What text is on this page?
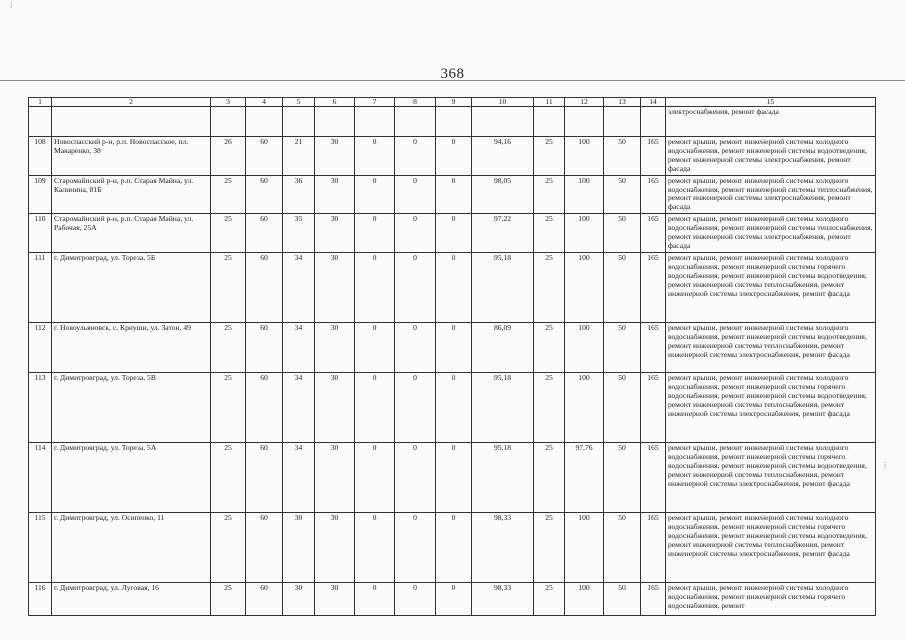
⁞
⁞
368
1	2	3	4	5	6	7	8	9	10	11	12	13	14	15
														электроснабжения, ремонт фасада
108	Новоспасский р-н, р.п. Новоспасское, пл. Макаренко, 38	26	60	21	30	0	0	0	94,16	25	100	50	165	ремонт крыши, ремонт инженерной системы холодного водоснабжения, ремонт инженерной системы водоотведения, ремонт инженерной системы электроснабжения, ремонт фасада
109	Старомайнский р-н, р.п. Старая Майна, ул. Калинина, 81Б	25	60	36	30	0	0	0	98,05	25	100	50	165	ремонт крыши, ремонт инженерной системы холодного водоснабжения, ремонт инженерной системы теплоснабжения, ремонт инженерной системы электроснабжения, ремонт фасада
110	Старомайнский р-н, р.п. Старая Майна, ул. Рабочая, 25А	25	60	35	30	0	0	0	97,22	25	100	50	165	ремонт крыши, ремонт инженерной системы холодного водоснабжения, ремонт инженерной системы теплоснабжения, ремонт инженерной системы электроснабжения, ремонт фасада
111	г. Димитровград, ул. Тореза, 5Б	25	60	34	30	0	0	0	95,18	25	100	50	165	ремонт крыши, ремонт инженерной системы холодного водоснабжения, ремонт инженерной системы горячего водоснабжения, ремонт инженерной системы водоотведения, ремонт инженерной системы теплоснабжения, ремонт инженерной системы электроснабжения, ремонт фасада
112	г. Новоульяновск, с. Криуши, ул. Затон, 49	25	60	34	30	0	0	0	86,09	25	100	50	165	ремонт крыши, ремонт инженерной системы холодного водоснабжения, ремонт инженерной системы водоотведения, ремонт инженерной системы теплоснабжения, ремонт инженерной системы электроснабжения, ремонт фасада
113	г. Димитровград, ул. Тореза, 5В	25	60	34	30	0	0	0	95,18	25	100	50	165	ремонт крыши, ремонт инженерной системы холодного водоснабжения, ремонт инженерной системы горячего водоснабжения, ремонт инженерной системы водоотведения, ремонт инженерной системы теплоснабжения, ремонт инженерной системы электроснабжения, ремонт фасада
114	г. Димитровград, ул. Тореза, 5А	25	60	34	30	0	0	0	95,18	25	97,76	50	165	ремонт крыши, ремонт инженерной системы холодного водоснабжения, ремонт инженерной системы горячего водоснабжения, ремонт инженерной системы водоотведения, ремонт инженерной системы теплоснабжения, ремонт инженерной системы электроснабжения, ремонт фасада
115	г. Димитровград, ул. Осипенко, 11	25	60	30	30	0	0	0	98,33	25	100	50	165	ремонт крыши, ремонт инженерной системы холодного водоснабжения, ремонт инженерной системы горячего водоснабжения, ремонт инженерной системы водоотведения, ремонт инженерной системы теплоснабжения, ремонт инженерной системы электроснабжения, ремонт фасада
116	г. Димитровград, ул. Луговая, 16	25	60	30	30	0	0	0	98,33	25	100	50	165	ремонт крыши, ремонт инженерной системы холодного водоснабжения, ремонт инженерной системы горячего водоснабжения, ремонт
